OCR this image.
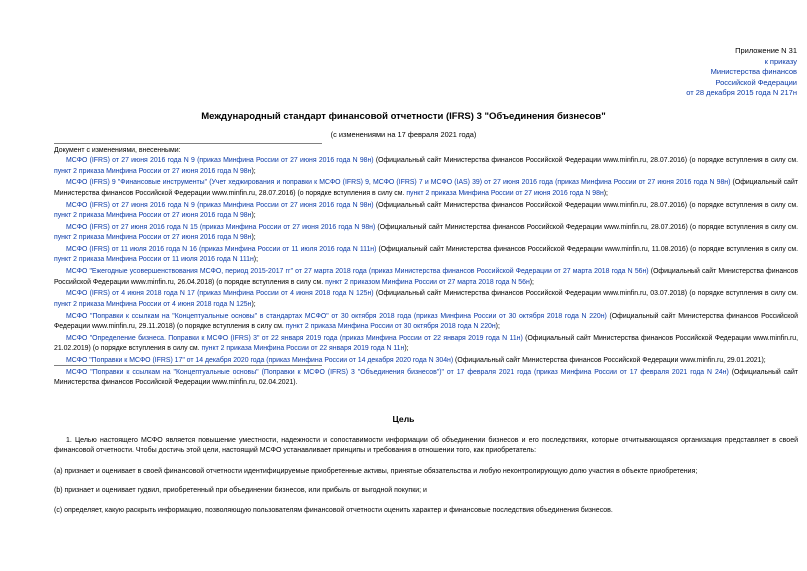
Приложение N 31
к приказу
Министерства финансов
Российской Федерации
от 28 декабря 2015 года N 217н
Международный стандарт финансовой отчетности (IFRS) 3 "Объединения бизнесов"
(с изменениями на 17 февраля 2021 года)
Документ с изменениями, внесенными:
МСФО (IFRS) от 27 июня 2016 года N 9 (приказ Минфина России от 27 июня 2016 года N 98н) (Официальный сайт Министерства финансов Российской Федерации www.minfin.ru, 28.07.2016) (о порядке вступления в силу см. пункт 2 приказа Минфина России от 27 июня 2016 года N 98н);
МСФО (IFRS) 9 "Финансовые инструменты" (Учет хеджирования и поправки к МСФО (IFRS) 9, МСФО (IFRS) 7 и МСФО (IAS) 39) от 27 июня 2016 года (приказ Минфина России от 27 июня 2016 года N 98н) (Официальный сайт Министерства финансов Российской Федерации www.minfin.ru, 28.07.2016) (о порядке вступления в силу см. пункт 2 приказа Минфина России от 27 июня 2016 года N 98н);
МСФО (IFRS) от 27 июня 2016 года N 9 (приказ Минфина России от 27 июня 2016 года N 98н) (Официальный сайт Министерства финансов Российской Федерации www.minfin.ru, 28.07.2016) (о порядке вступления в силу см. пункт 2 приказа Минфина России от 27 июня 2016 года N 98н);
МСФО (IFRS) от 27 июня 2016 года N 15 (приказ Минфина России от 27 июня 2016 года N 98н) (Официальный сайт Министерства финансов Российской Федерации www.minfin.ru, 28.07.2016) (о порядке вступления в силу см. пункт 2 приказа Минфина России от 27 июня 2016 года N 98н);
МСФО (IFRS) от 11 июля 2016 года N 16 (приказ Минфина России от 11 июля 2016 года N 111н) (Официальный сайт Министерства финансов Российской Федерации www.minfin.ru, 11.08.2016) (о порядке вступления в силу см. пункт 2 приказа Минфина России от 11 июля 2016 года N 111н);
МСФО "Ежегодные усовершенствования МСФО, период 2015-2017 гг" от 27 марта 2018 года (приказ Министерства финансов Российской Федерации от 27 марта 2018 года N 56н) (Официальный сайт Министерства финансов Российской Федерации www.minfin.ru, 26.04.2018) (о порядке вступления в силу см. пункт 2 приказом Минфина России от 27 марта 2018 года N 56н);
МСФО (IFRS) от 4 июня 2018 года N 17 (приказ Минфина России от 4 июня 2018 года N 125н) (Официальный сайт Министерства финансов Российской Федерации www.minfin.ru, 03.07.2018) (о порядке вступления в силу см. пункт 2 приказа Минфина России от 4 июня 2018 года N 125н);
МСФО "Поправки к ссылкам на "Концептуальные основы" в стандартах МСФО" от 30 октября 2018 года (приказ Минфина России от 30 октября 2018 года N 220н) (Официальный сайт Министерства финансов Российской Федерации www.minfin.ru, 29.11.2018) (о порядке вступления в силу см. пункт 2 приказа Минфина России от 30 октября 2018 года N 220н);
МСФО "Определение бизнеса. Поправки к МСФО (IFRS) 3" от 22 января 2019 года (приказ Минфина России от 22 января 2019 года N 11н) (Официальный сайт Министерства финансов Российской Федерации www.minfin.ru, 21.02.2019) (о порядке вступления в силу см. пункт 2 приказа Минфина России от 22 января 2019 года N 11н);
МСФО "Поправки к МСФО (IFRS) 17" от 14 декабря 2020 года (приказ Минфина России от 14 декабря 2020 года N 304н) (Официальный сайт Министерства финансов Российской Федерации www.minfin.ru, 29.01.2021);
МСФО "Поправки к ссылкам на "Концептуальные основы" (Поправки к МСФО (IFRS) 3 "Объединения бизнесов")" от 17 февраля 2021 года (приказ Минфина России от 17 февраля 2021 года N 24н) (Официальный сайт Министерства финансов Российской Федерации www.minfin.ru, 02.04.2021).
Цель
1. Целью настоящего МСФО является повышение уместности, надежности и сопоставимости информации об объединении бизнесов и его последствиях, которые отчитывающаяся организация представляет в своей финансовой отчетности. Чтобы достичь этой цели, настоящий МСФО устанавливает принципы и требования в отношении того, как приобретатель:
(a) признает и оценивает в своей финансовой отчетности идентифицируемые приобретенные активы, принятые обязательства и любую неконтролирующую долю участия в объекте приобретения;
(b) признает и оценивает гудвил, приобретенный при объединении бизнесов, или прибыль от выгодной покупки; и
(c) определяет, какую раскрыть информацию, позволяющую пользователям финансовой отчетности оценить характер и финансовые последствия объединения бизнесов.
